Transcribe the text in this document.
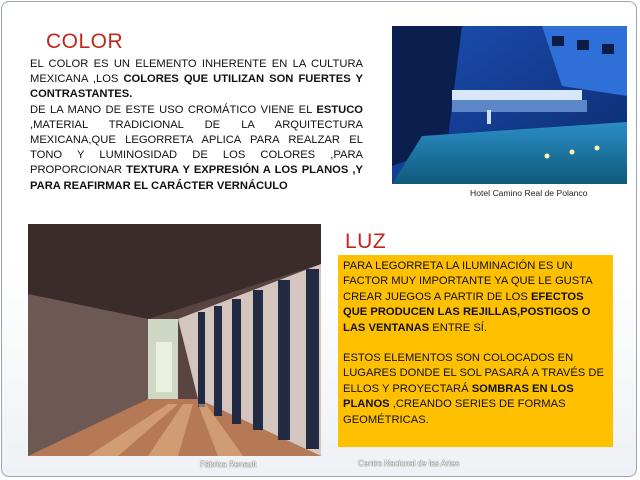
COLOR

EL COLOR ES UN ELEMENTO INHERENTE EN LA CULTURA MEXICANA ,LOS COLORES QUE UTILIZAN SON FUERTES Y CONTRASTANTES.

DE LA MANO DE ESTE USO CROMÁTICO VIENE EL ESTUCO ,MATERIAL TRADICIONAL DE LA ARQUITECTURA MEXICANA,QUE LEGORRETA APLICA PARA REALZAR EL TONO Y LUMINOSIDAD DE LOS COLORES ,PARA PROPORCIONAR TEXTURA Y EXPRESIÓN A LOS PLANOS ,Y PARA REAFIRMAR EL CARÁCTER VERNÁCULO

Hotel Camino Real de Polanco
Fábrica Renault	Centro Nacional de las Artes
LUZ

PARA LEGORRETA LA ILUMINACIÓN ES UN FACTOR MUY IMPORTANTE YA QUE LE GUSTA CREAR JUEGOS A PARTIR DE LOS EFECTOS QUE PRODUCEN LAS REJILLAS,POSTIGOS O LAS VENTANAS ENTRE SÍ.

ESTOS ELEMENTOS SON COLOCADOS EN LUGARES DONDE EL SOL PASARÁ A TRAVÉS DE ELLOS Y PROYECTARÁ SOMBRAS EN LOS PLANOS ,CREANDO SERIES DE FORMAS GEOMÉTRICAS.
